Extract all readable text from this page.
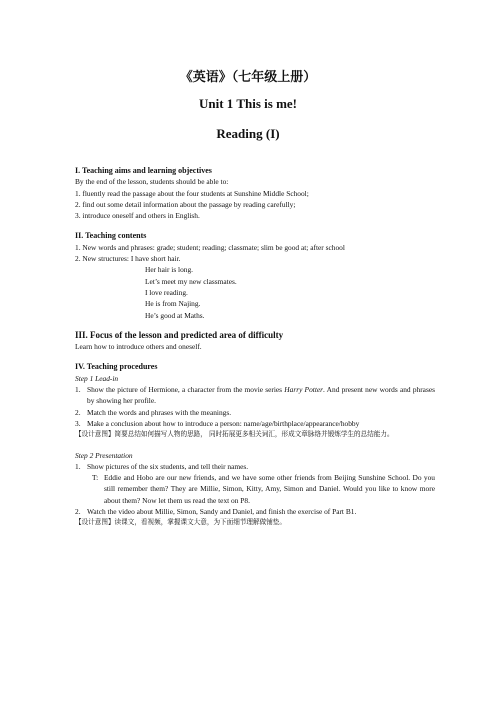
《英语》（七年级上册）
Unit 1 This is me!
Reading (I)
I. Teaching aims and learning objectives
By the end of the lesson, students should be able to:
1. fluently read the passage about the four students at Sunshine Middle School;
2. find out some detail information about the passage by reading carefully;
3. introduce oneself and others in English.
II. Teaching contents
1. New words and phrases: grade; student; reading; classmate; slim be good at; after school
2. New structures: I have short hair.
Her hair is long.
Let’s meet my new classmates.
I love reading.
He is from Najing.
He’s good at Maths.
III. Focus of the lesson and predicted area of difficulty
Learn how to introduce others and oneself.
IV. Teaching procedures
Step 1 Lead-in
1. Show the picture of Hermione, a character from the movie series Harry Potter. And present new words and phrases by showing her profile.
2. Match the words and phrases with the meanings.
3. Make a conclusion about how to introduce a person: name/age/birthplace/appearance/hobby
【设计意图】简要总结如何描写人物的思路， 同时拓展更多相关词汇，形成文章脉络并锻炼学生的总结能力。
Step 2 Presentation
1. Show pictures of the six students, and tell their names.
T: Eddie and Hobo are our new friends, and we have some other friends from Beijing Sunshine School. Do you still remember them? They are Millie, Simon, Kitty, Amy, Simon and Daniel. Would you like to know more about them? Now let them us read the text on P8.
2. Watch the video about Millie, Simon, Sandy and Daniel, and finish the exercise of Part B1.
【设计意图】读课文，看视频，掌握课文大意，为下面细节理解做铺垫。
